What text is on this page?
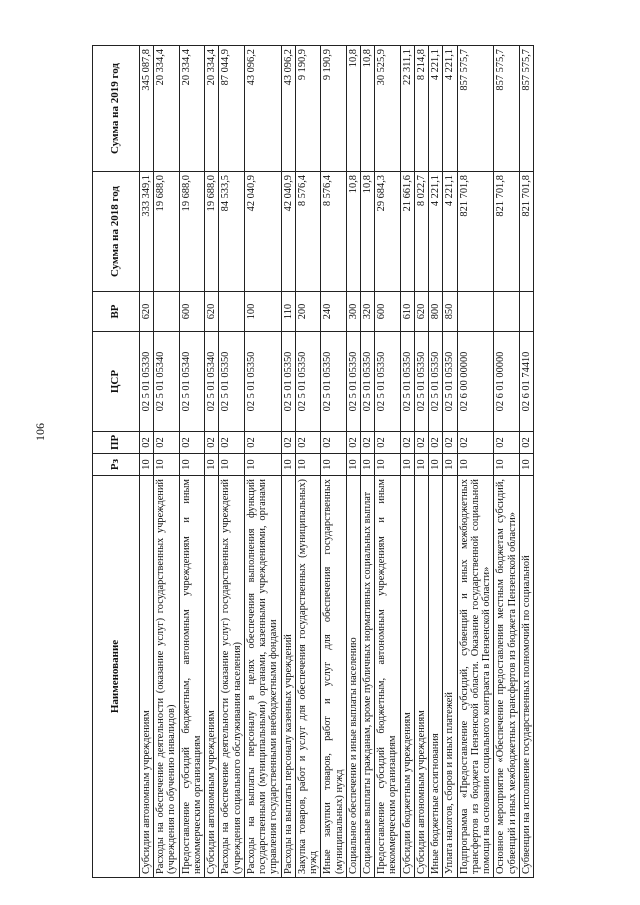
106
Наименование	Рз	ПР	ЦСР	ВР	Сумма на 2018 год	Сумма на 2019 год
Субсидии автономным учреждениям	10	02	02 5 01 05330	620	333 349,1	345 087,8
Расходы на обеспечение деятельности (оказание услуг) государственных учреждений (учреждения по обучению инвалидов)	10	02	02 5 01 05340		19 688,0	20 334,4
Предоставление субсидий бюджетным, автономным учреждениям и иным некоммерческим организациям	10	02	02 5 01 05340	600	19 688,0	20 334,4
Субсидии автономным учреждениям	10	02	02 5 01 05340	620	19 688,0	20 334,4
Расходы на обеспечение деятельности (оказание услуг) государственных учреждений (учреждения социального обслуживания населения)	10	02	02 5 01 05350		84 533,5	87 044,9
Расходы на выплаты персоналу в целях обеспечения выполнения функций государственными (муниципальными) органами, казенными учреждениями, органами управления государственными внебюджетными фондами	10	02	02 5 01 05350	100	42 040,9	43 096,2
Расходы на выплаты персоналу казенных учреждений	10	02	02 5 01 05350	110	42 040,9	43 096,2
Закупка товаров, работ и услуг для обеспечения государственных (муниципальных) нужд	10	02	02 5 01 05350	200	8 576,4	9 190,9
Иные закупки товаров, работ и услуг для обеспечения государственных (муниципальных) нужд	10	02	02 5 01 05350	240	8 576,4	9 190,9
Социальное обеспечение и иные выплаты населению	10	02	02 5 01 05350	300	10,8	10,8
Социальные выплаты гражданам, кроме публичных нормативных социальных выплат	10	02	02 5 01 05350	320	10,8	10,8
Предоставление субсидий бюджетным, автономным учреждениям и иным некоммерческим организациям	10	02	02 5 01 05350	600	29 684,3	30 525,9
Субсидии бюджетным учреждениям	10	02	02 5 01 05350	610	21 661,6	22 311,1
Субсидии автономным учреждениям	10	02	02 5 01 05350	620	8 022,7	8 214,8
Иные бюджетные ассигнования	10	02	02 5 01 05350	800	4 221,1	4 221,1
Уплата налогов, сборов и иных платежей	10	02	02 5 01 05350	850	4 221,1	4 221,1
Подпрограмма «Предоставление субсидий, субвенций и иных межбюджетных трансфертов из бюджета Пензенской области. Оказание государственной социальной помощи на основании социального контракта в Пензенской области»	10	02	02 6 00 00000		821 701,8	857 575,7
Основное мероприятие «Обеспечение предоставления местным бюджетам субсидий, субвенций и иных межбюджетных трансфертов из бюджета Пензенской области»	10	02	02 6 01 00000		821 701,8	857 575,7
Субвенции на исполнение государственных полномочий по социальной	10	02	02 6 01 74410		821 701,8	857 575,7
